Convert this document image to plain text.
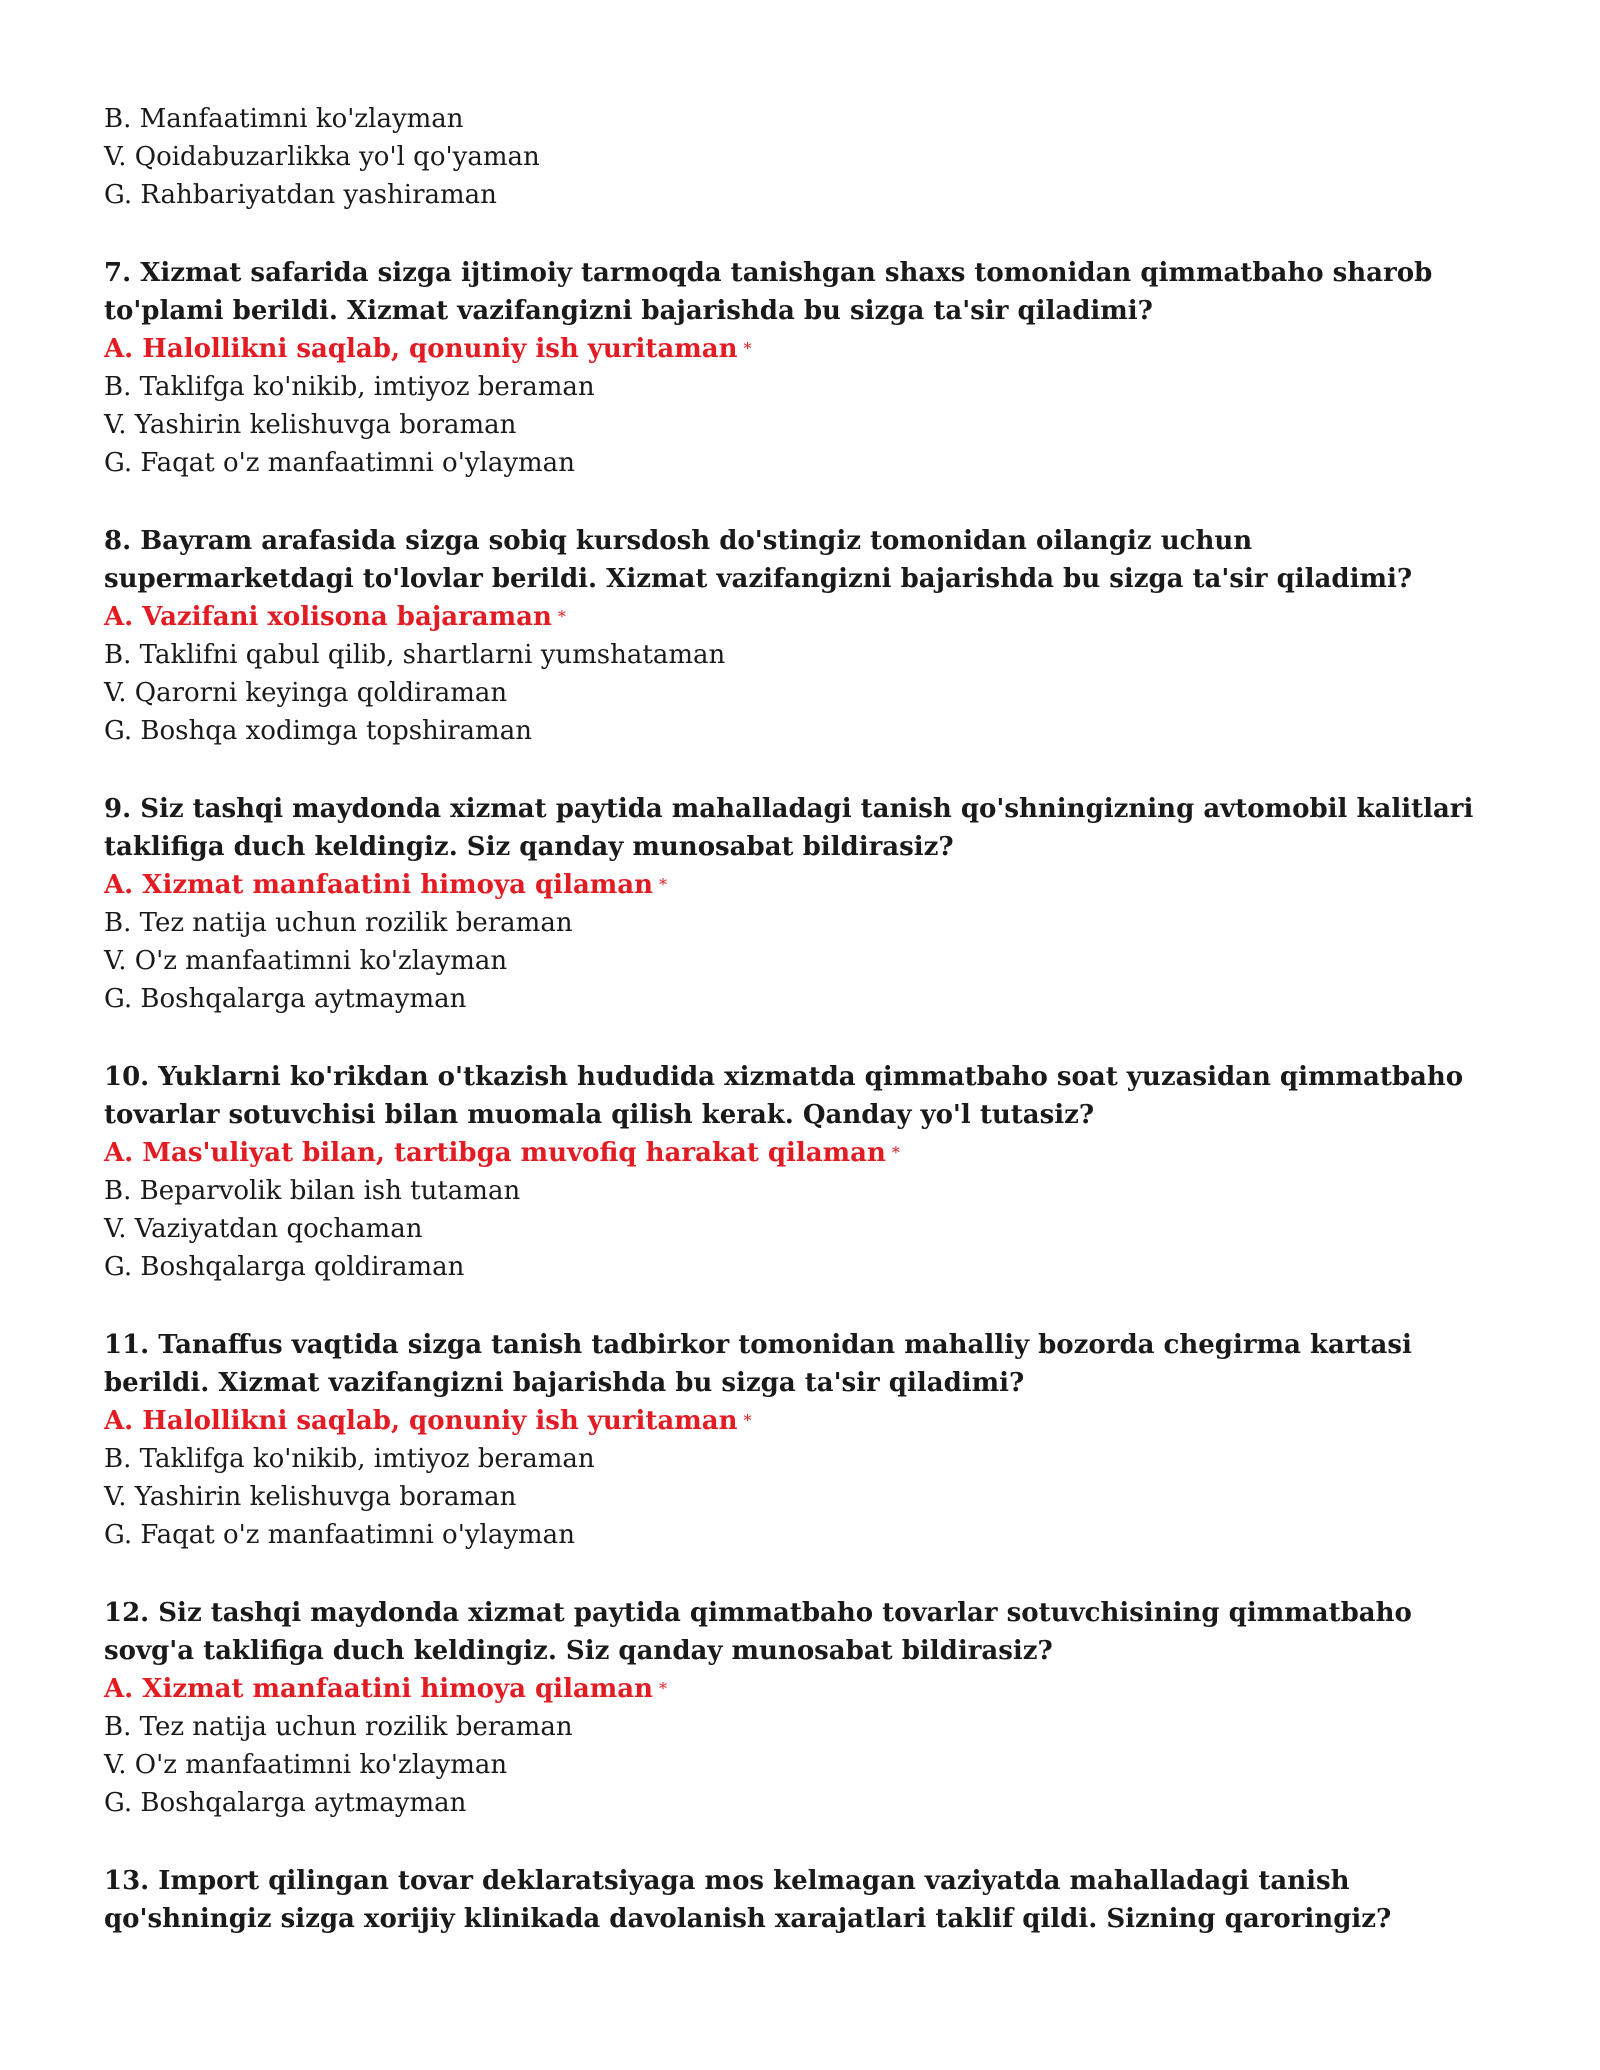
B. Manfaatimni ko'zlayman
V. Qoidabuzarlikka yo'l qo'yaman
G. Rahbariyatdan yashiraman
7. Xizmat safarida sizga ijtimoiy tarmoqda tanishgan shaxs tomonidan qimmatbaho sharob to'plami berildi. Xizmat vazifangizni bajarishda bu sizga ta'sir qiladimi?
A. Halollikni saqlab, qonuniy ish yuritaman *
B. Taklifga ko'nikib, imtiyoz beraman
V. Yashirin kelishuvga boraman
G. Faqat o'z manfaatimni o'ylayman
8. Bayram arafasida sizga sobiq kursdosh do'stingiz tomonidan oilangiz uchun supermarketdagi to'lovlar berildi. Xizmat vazifangizni bajarishda bu sizga ta'sir qiladimi?
A. Vazifani xolisona bajaraman *
B. Taklifni qabul qilib, shartlarni yumshataman
V. Qarorni keyinga qoldiraman
G. Boshqa xodimga topshiraman
9. Siz tashqi maydonda xizmat paytida mahalladagi tanish qo'shningizning avtomobil kalitlari taklifiga duch keldingiz. Siz qanday munosabat bildirasiz?
A. Xizmat manfaatini himoya qilaman *
B. Tez natija uchun rozilik beraman
V. O'z manfaatimni ko'zlayman
G. Boshqalarga aytmayman
10. Yuklarni ko'rikdan o'tkazish hududida xizmatda qimmatbaho soat yuzasidan qimmatbaho tovarlar sotuvchisi bilan muomala qilish kerak. Qanday yo'l tutasiz?
A. Mas'uliyat bilan, tartibga muvofiq harakat qilaman *
B. Beparvolik bilan ish tutaman
V. Vaziyatdan qochaman
G. Boshqalarga qoldiraman
11. Tanaffus vaqtida sizga tanish tadbirkor tomonidan mahalliy bozorda chegirma kartasi berildi. Xizmat vazifangizni bajarishda bu sizga ta'sir qiladimi?
A. Halollikni saqlab, qonuniy ish yuritaman *
B. Taklifga ko'nikib, imtiyoz beraman
V. Yashirin kelishuvga boraman
G. Faqat o'z manfaatimni o'ylayman
12. Siz tashqi maydonda xizmat paytida qimmatbaho tovarlar sotuvchisining qimmatbaho sovg'a taklifiga duch keldingiz. Siz qanday munosabat bildirasiz?
A. Xizmat manfaatini himoya qilaman *
B. Tez natija uchun rozilik beraman
V. O'z manfaatimni ko'zlayman
G. Boshqalarga aytmayman
13. Import qilingan tovar deklaratsiyaga mos kelmagan vaziyatda mahalladagi tanish qo'shningiz sizga xorijiy klinikada davolanish xarajatlari taklif qildi. Sizning qaroringiz?
